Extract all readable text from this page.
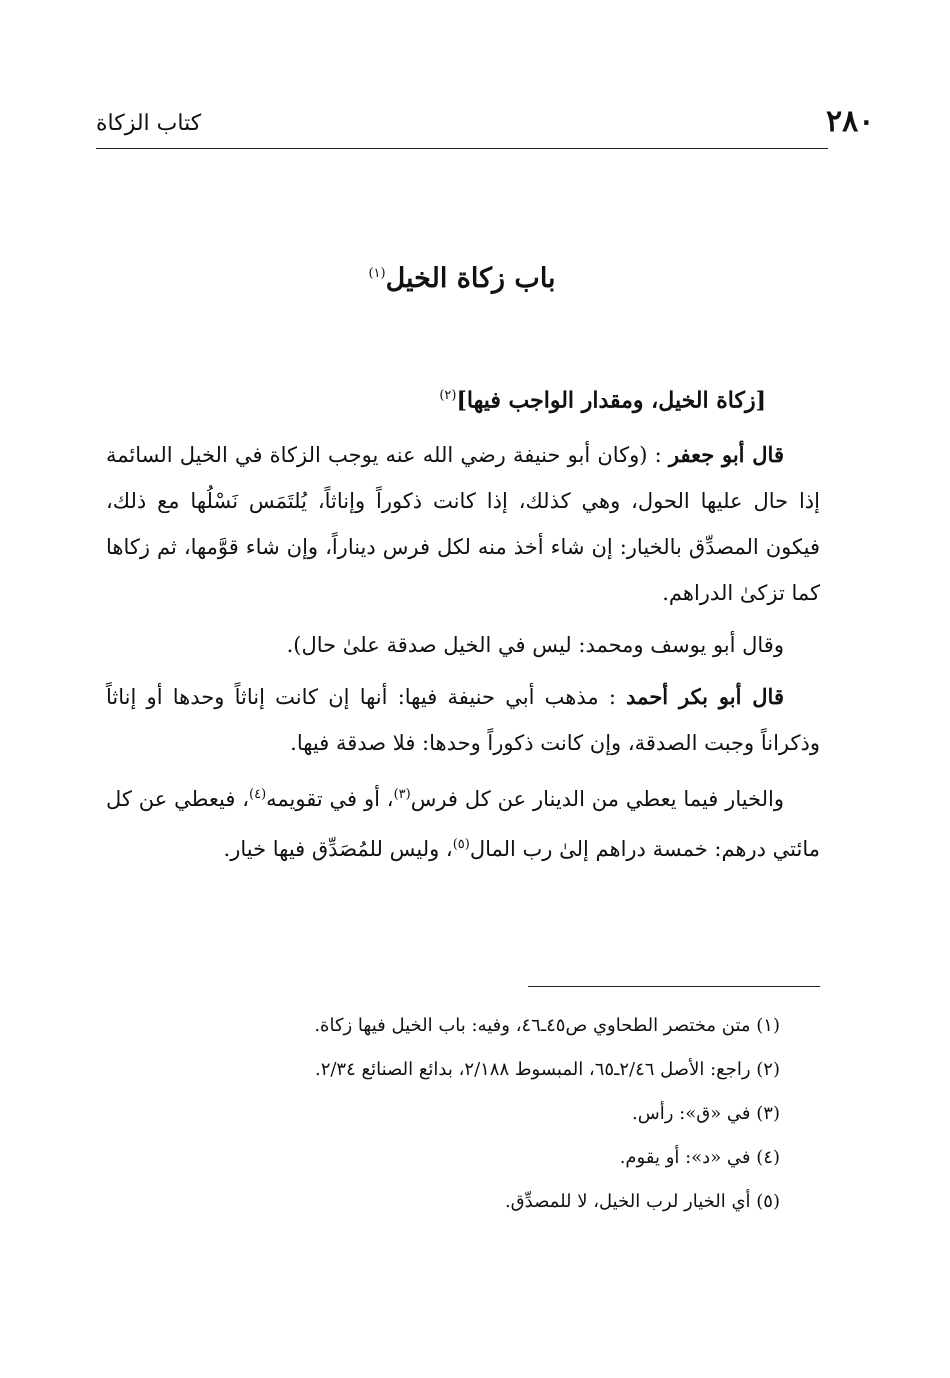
٢٨٠
كتاب الزكاة
باب زكاة الخيل$^{(١)}$
[زكاة الخيل، ومقدار الواجب فيها]$^{(٢)}$

قال أبو جعفر : (وكان أبو حنيفة رضي الله عنه يوجب الزكاة في الخيل السائمة إذا حال عليها الحول، وهي كذلك، إذا كانت ذكوراً وإناثاً، يُلتَمَس نَسْلُها مع ذلك، فيكون المصدِّق بالخيار: إن شاء أخذ منه لكل فرس ديناراً، وإن شاء قوَّمها، ثم زكاها كما تزكىٰ الدراهم.

وقال أبو يوسف ومحمد: ليس في الخيل صدقة علىٰ حال).

قال أبو بكر أحمد : مذهب أبي حنيفة فيها: أنها إن كانت إناثاً وحدها أو إناثاً وذكراناً وجبت الصدقة، وإن كانت ذكوراً وحدها: فلا صدقة فيها.

والخيار فيما يعطي من الدينار عن كل فرس$^{(٣)}$، أو في تقويمه$^{(٤)}$، فيعطي عن كل مائتي درهم: خمسة دراهم إلىٰ رب المال$^{(٥)}$، وليس للمُصَدِّق فيها خيار.

(١) متن مختصر الطحاوي ص٤٥ـ٤٦، وفيه: باب الخيل فيها زكاة.
(٢) راجع: الأصل ٢/٤٦ـ٦٥، المبسوط ٢/١٨٨، بدائع الصنائع ٢/٣٤.
(٣) في «ق»: رأس.
(٤) في «د»: أو يقوم.
(٥) أي الخيار لرب الخيل، لا للمصدِّق.
